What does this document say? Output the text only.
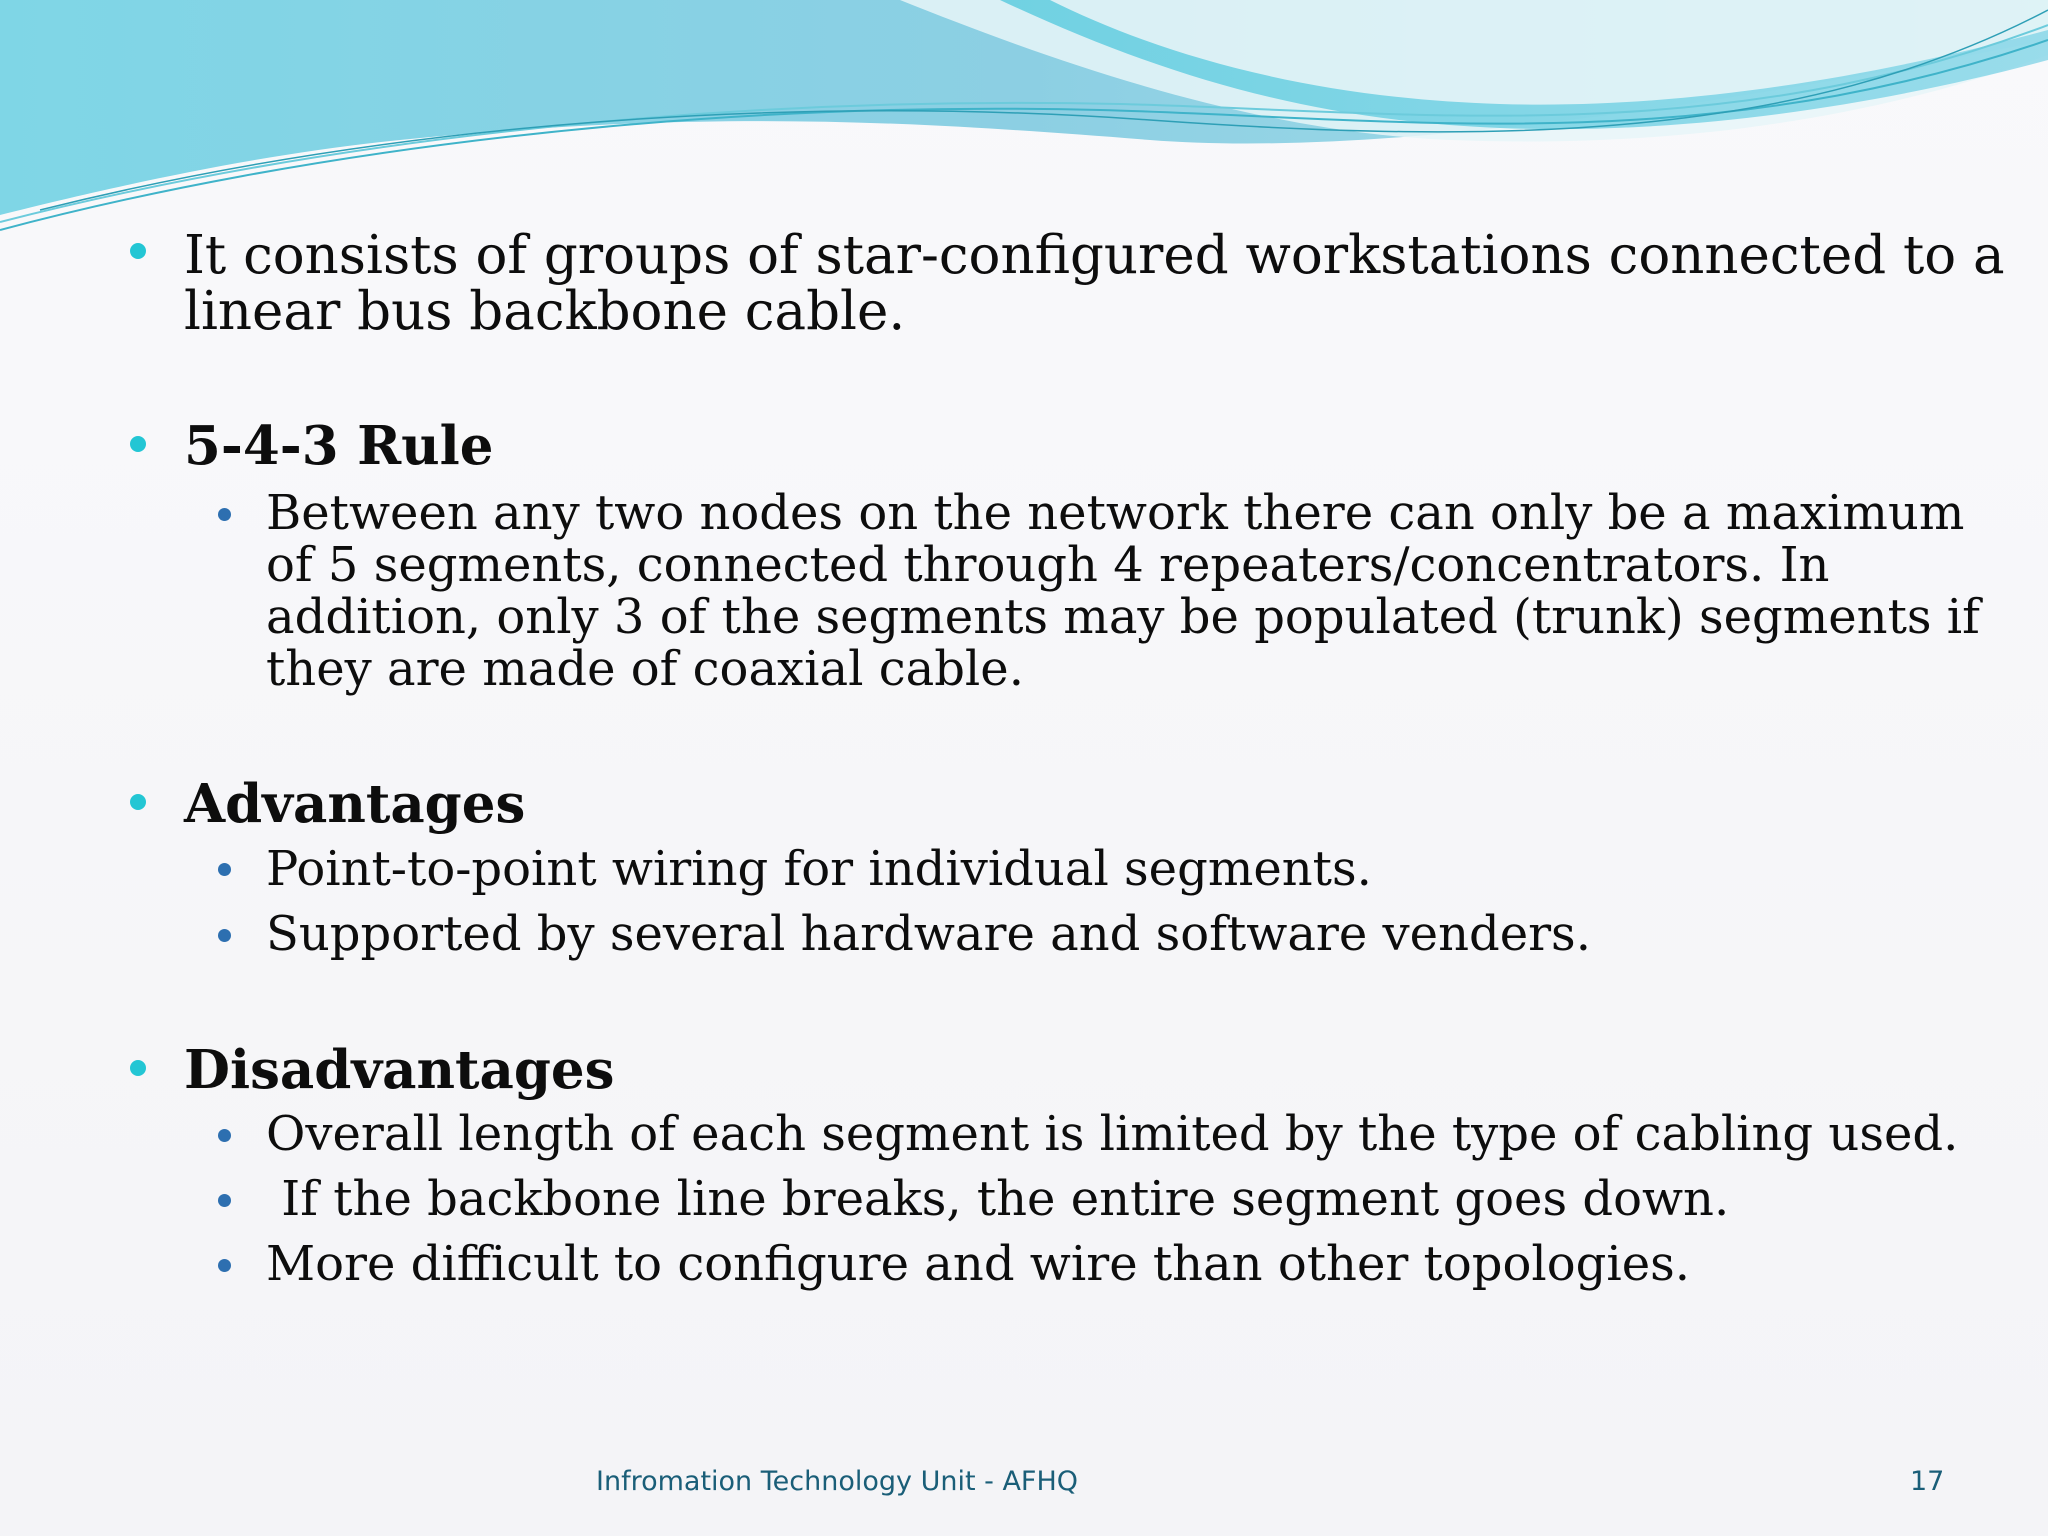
It consists of groups of star-configured workstations connected to a
linear bus backbone cable.
5-4-3 Rule
Between any two nodes on the network there can only be a maximum
of 5 segments, connected through 4 repeaters/concentrators. In
addition, only 3 of the segments may be populated (trunk) segments if
they are made of coaxial cable.
Advantages
Point-to-point wiring for individual segments.
Supported by several hardware and software venders.
Disadvantages
Overall length of each segment is limited by the type of cabling used.
If the backbone line breaks, the entire segment goes down.
More difficult to configure and wire than other topologies.
Infromation Technology Unit - AFHQ	17
